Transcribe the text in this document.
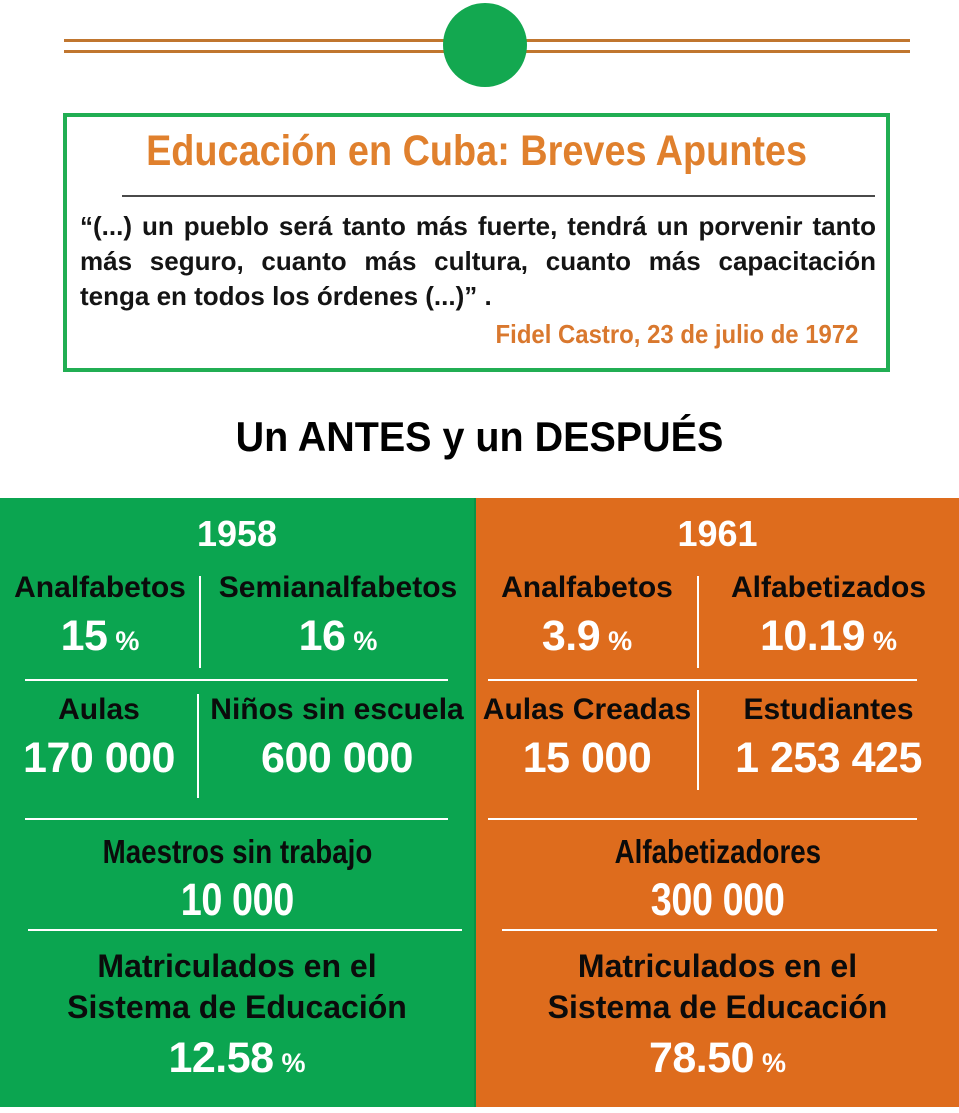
Educación en Cuba: Breves Apuntes
“(...) un pueblo será tanto más fuerte, tendrá un porvenir tanto más seguro, cuanto más cultura, cuanto más capacitación tenga en todos los órdenes (...)” .
Fidel Castro, 23 de julio de 1972
Un ANTES y un DESPUÉS
1958
Analfabetos
15 %
Semianalfabetos
16 %
Aulas
170 000
Niños sin escuela
600 000
Maestros sin trabajo
10 000
Matriculados en el Sistema de Educación
12.58 %
1961
Analfabetos
3.9 %
Alfabetizados
10.19 %
Aulas Creadas
15 000
Estudiantes
1 253 425
Alfabetizadores
300 000
Matriculados en el Sistema de Educación
78.50 %
